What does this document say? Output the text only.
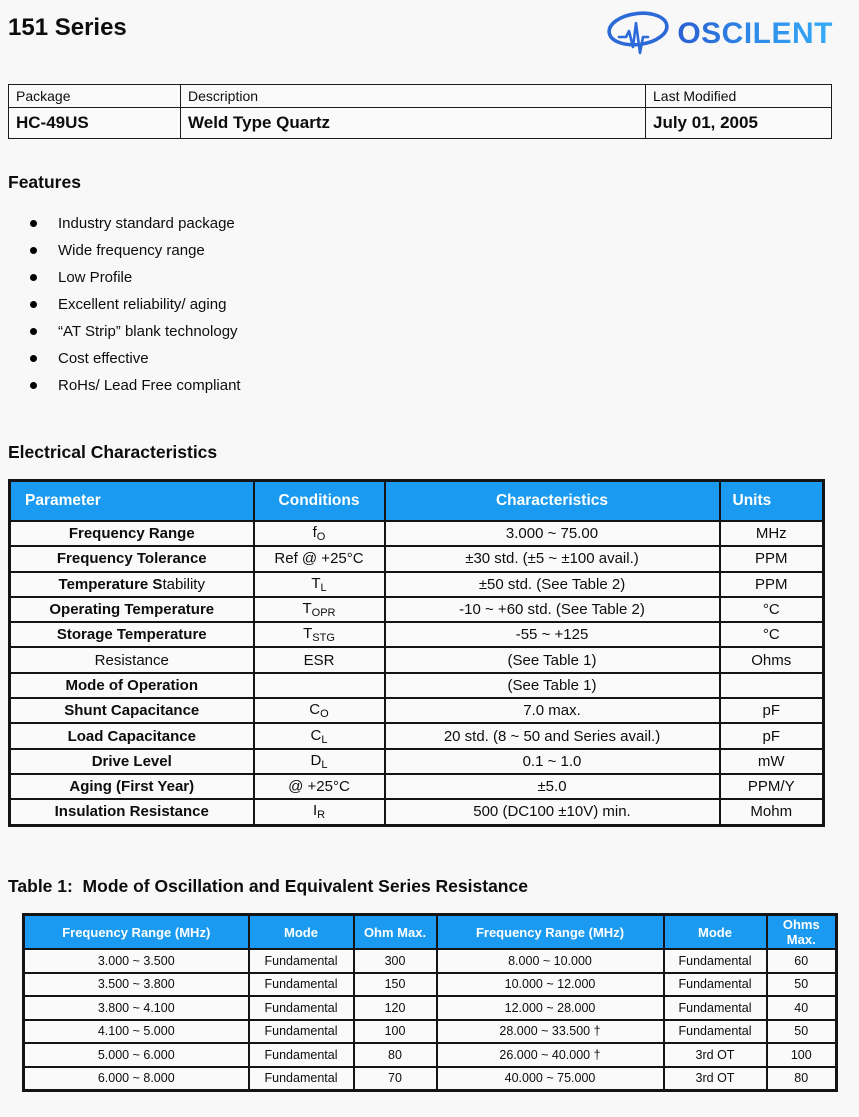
151 Series	OSCILENT
Package	Description	Last Modified
HC-49US	Weld Type Quartz	July 01, 2005
Features
Industry standard package
Wide frequency range
Low Profile
Excellent reliability/ aging
“AT Strip” blank technology
Cost effective
RoHs/ Lead Free compliant
Electrical Characteristics
Parameter	Conditions	Characteristics	Units
Frequency Range	$f_O$	3.000 ~ 75.00	MHz
Frequency Tolerance	Ref @ +25°C	±30 std. (±5 ~ ±100 avail.)	PPM
Temperature Stability	$T_L$	±50 std. (See Table 2)	PPM
Operating Temperature	$T_{OPR}$	-10 ~ +60 std. (See Table 2)	°C
Storage Temperature	$T_{STG}$	-55 ~ +125	°C
Resistance	ESR	(See Table 1)	Ohms
Mode of Operation		(See Table 1)	
Shunt Capacitance	$C_O$	7.0 max.	pF
Load Capacitance	$C_L$	20 std. (8 ~ 50 and Series avail.)	pF
Drive Level	$D_L$	0.1 ~ 1.0	mW
Aging (First Year)	@ +25°C	±5.0	PPM/Y
Insulation Resistance	$I_R$	500 (DC100 ±10V) min.	Mohm
Table 1:  Mode of Oscillation and Equivalent Series Resistance
Frequency Range (MHz)	Mode	Ohm Max.	Frequency Range (MHz)	Mode	Ohms Max.
3.000 ~ 3.500	Fundamental	300	8.000 ~ 10.000	Fundamental	60
3.500 ~ 3.800	Fundamental	150	10.000 ~ 12.000	Fundamental	50
3.800 ~ 4.100	Fundamental	120	12.000 ~ 28.000	Fundamental	40
4.100 ~ 5.000	Fundamental	100	28.000 ~ 33.500 †	Fundamental	50
5.000 ~ 6.000	Fundamental	80	26.000 ~ 40.000 †	3rd OT	100
6.000 ~ 8.000	Fundamental	70	40.000 ~ 75.000	3rd OT	80
